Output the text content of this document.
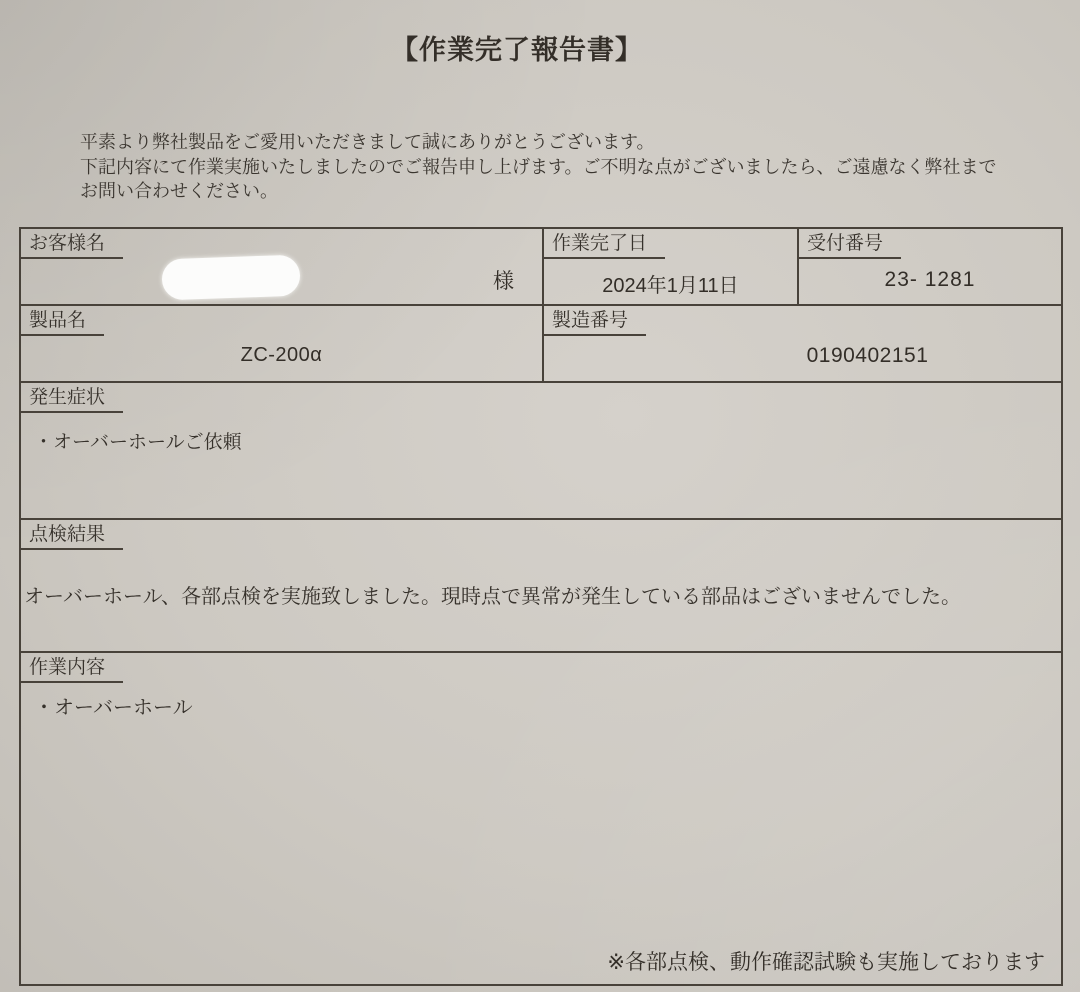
【作業完了報告書】
平素より弊社製品をご愛用いただきまして誠にありがとうございます。
下記内容にて作業実施いたしましたのでご報告申し上げます。ご不明な点がございましたら、ご遠慮なく弊社まで
お問い合わせください。
お客様名
様
作業完了日
2024年1月11日
受付番号
23- 1281
製品名
ZC-200α
製造番号
0190402151
発生症状
・オーバーホールご依頼
点検結果
オーバーホール、各部点検を実施致しました。現時点で異常が発生している部品はございませんでした。
作業内容
・オーバーホール
※各部点検、動作確認試験も実施しております
